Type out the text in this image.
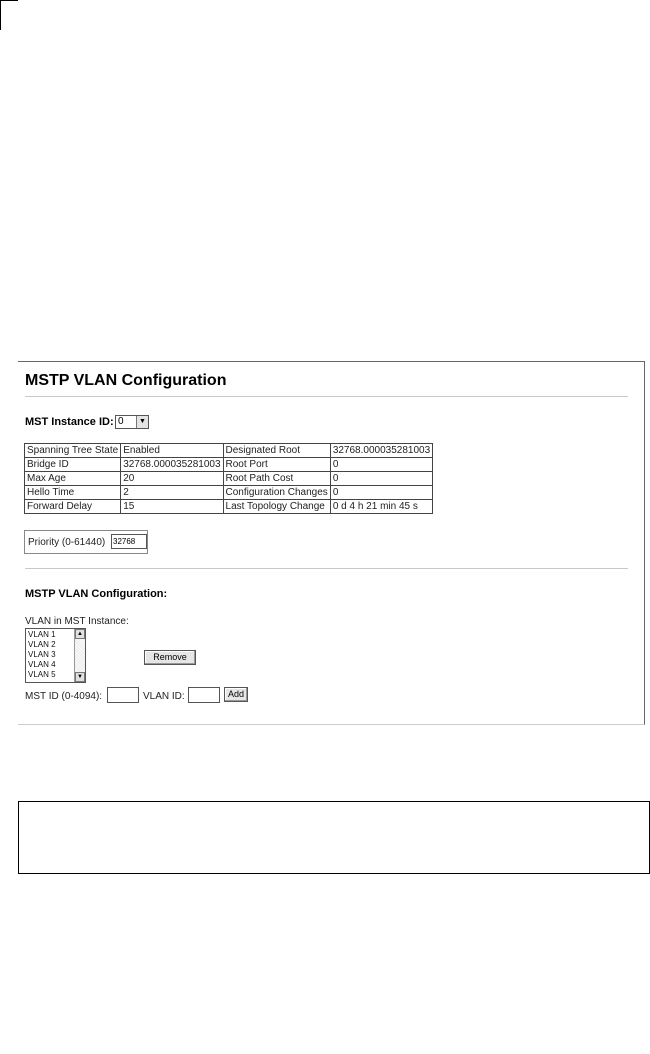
MSTP VLAN Configuration
MST Instance ID: 0	▼
Spanning Tree State	Enabled	Designated Root	32768.000035281003
Bridge ID	32768.000035281003	Root Port	0
Max Age	20	Root Path Cost	0
Hello Time	2	Configuration Changes	0
Forward Delay	15	Last Topology Change	0 d 4 h 21 min 45 s
Priority (0-61440)
32768
MSTP VLAN Configuration:
VLAN in MST Instance:
VLAN 1
VLAN 2
VLAN 3
VLAN 4
VLAN 5
▲
▼
Remove
MST ID (0-4094):	VLAN ID:	Add
